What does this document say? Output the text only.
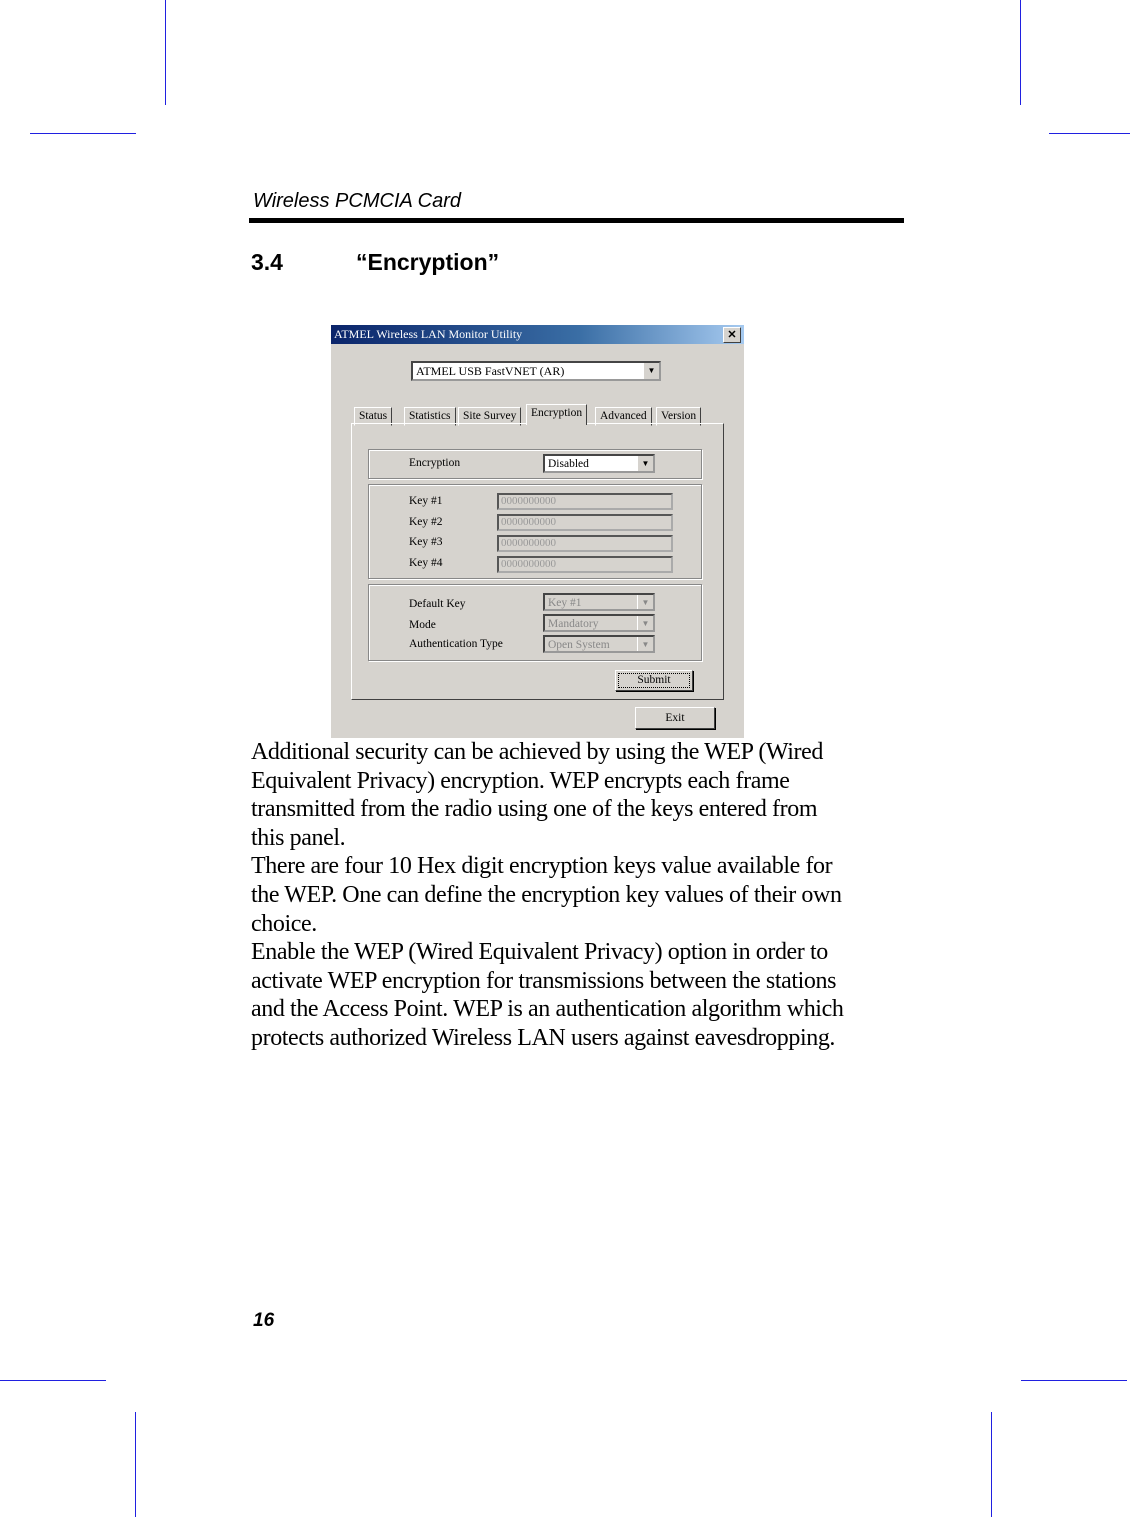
Wireless PCMCIA Card
3.4	“Encryption”
ATMEL Wireless LAN Monitor Utility	✕
ATMEL USB FastVNET (AR)	▼
Status	Statistics	Site Survey	Encryption	Advanced	Version
Encryption	Disabled	▼
Key #1	0000000000
Key #2	0000000000
Key #3	0000000000
Key #4	0000000000
Default Key	Key #1	▼
Mode	Mandatory	▼
Authentication Type	Open System	▼
Submit
Exit

Additional security can be achieved by using the WEP (Wired

Equivalent Privacy) encryption. WEP encrypts each frame

transmitted from the radio using one of the keys entered from

this panel.

There are four 10 Hex digit encryption keys value available for

the WEP. One can define the encryption key values of their own

choice.

Enable the WEP (Wired Equivalent Privacy) option in order to

activate WEP encryption for transmissions between the stations

and the Access Point. WEP is an authentication algorithm which

protects authorized Wireless LAN users against eavesdropping.

16
